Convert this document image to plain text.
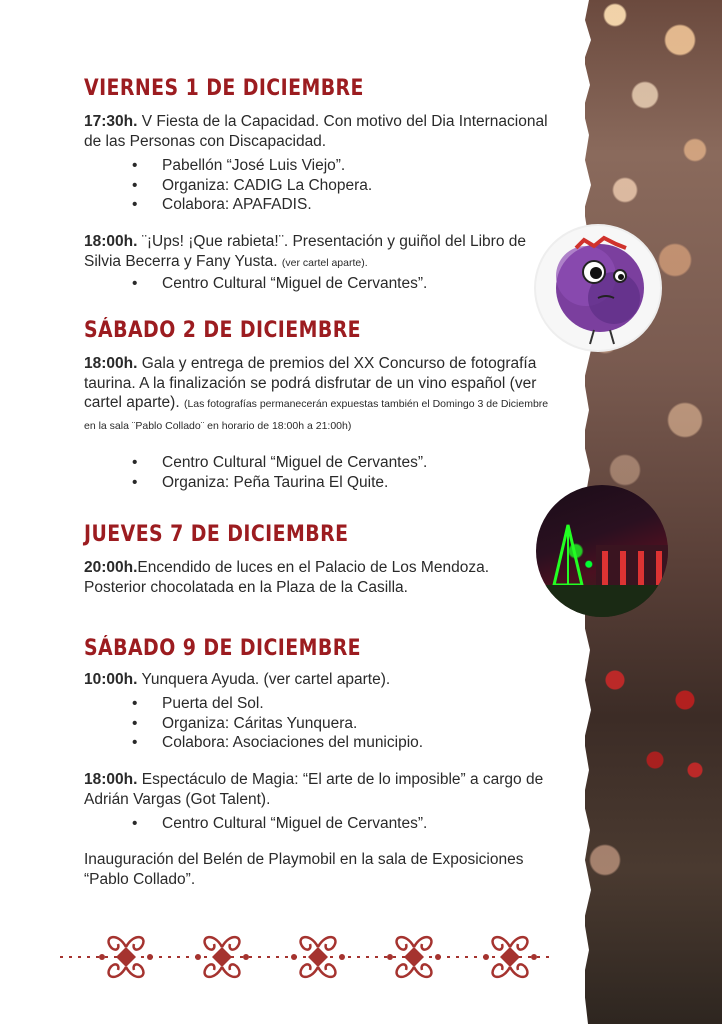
VIERNES 1 DE DICIEMBRE
17:30h. V Fiesta de la Capacidad. Con motivo del Dia Internacional de las Personas con Discapacidad.
• Pabellón “José Luis Viejo”.
• Organiza: CADIG La Chopera.
• Colabora: APAFADIS.
18:00h. ¨¡Ups! ¡Que rabieta!¨. Presentación y guiñol del Libro de Silvia Becerra y Fany Yusta. (ver cartel aparte).
• Centro Cultural “Miguel de Cervantes”.
SÁBADO 2 DE DICIEMBRE
18:00h. Gala y entrega de premios del XX Concurso de fotografía taurina. A la finalización se podrá disfrutar de un vino español (ver cartel aparte). (Las fotografías permanecerán expuestas también el Domingo 3 de Diciembre en la sala ¨Pablo Collado¨ en horario de 18:00h a 21:00h)
• Centro Cultural “Miguel de Cervantes”.
• Organiza: Peña Taurina El Quite.
JUEVES 7 DE DICIEMBRE
20:00h.Encendido de luces en el Palacio de Los Mendoza. Posterior chocolatada en la Plaza de la Casilla.
SÁBADO 9 DE DICIEMBRE
10:00h. Yunquera Ayuda. (ver cartel aparte).
• Puerta del Sol.
• Organiza: Cáritas Yunquera.
• Colabora: Asociaciones del municipio.
18:00h. Espectáculo de Magia: “El arte de lo imposible” a cargo de Adrián Vargas (Got Talent).
• Centro Cultural “Miguel de Cervantes”.
Inauguración del Belén de Playmobil en la sala de Exposiciones “Pablo Collado”.
